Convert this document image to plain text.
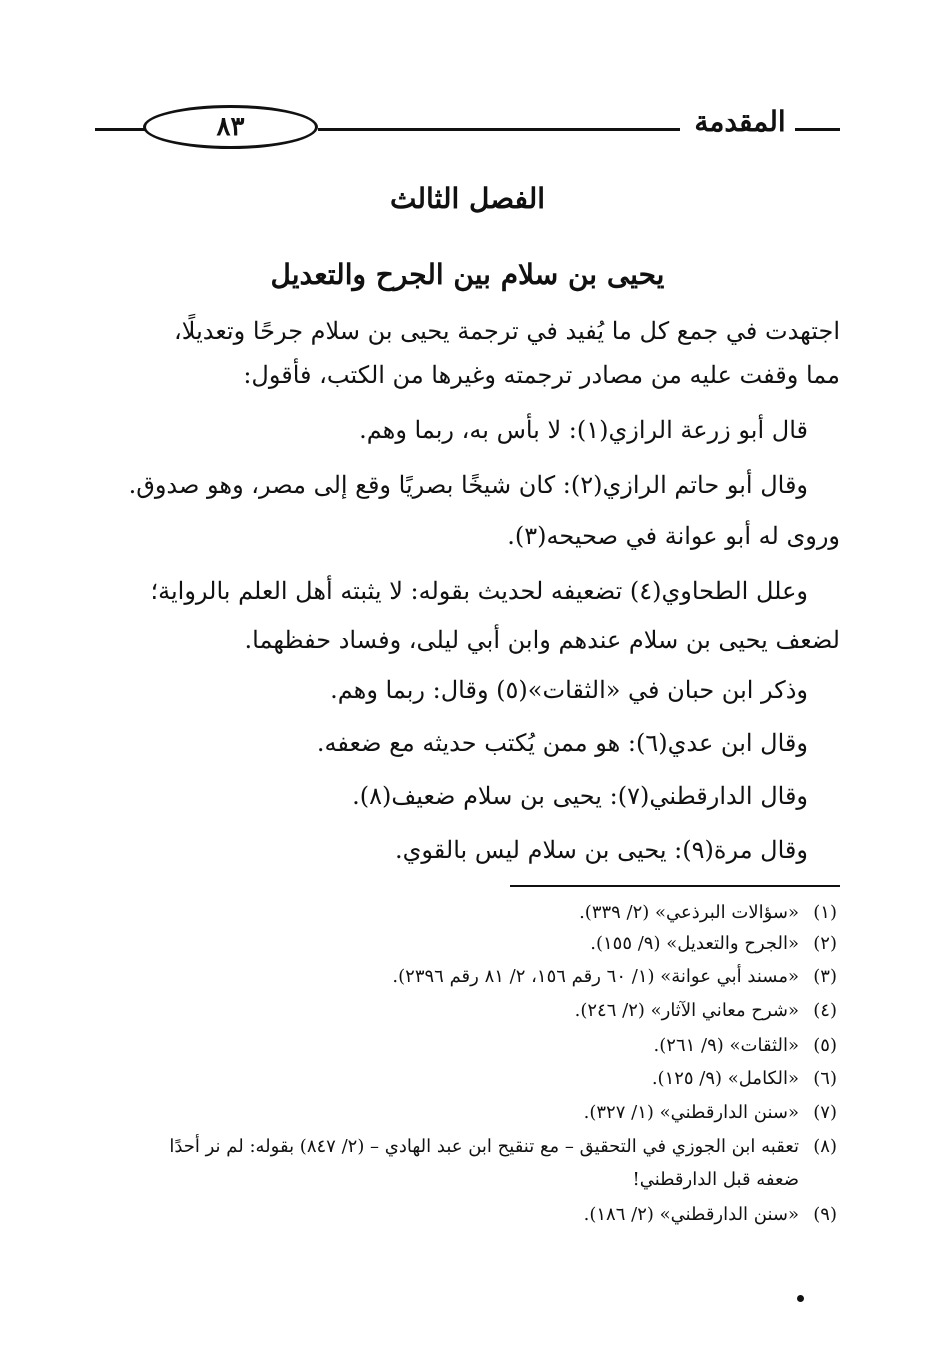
٨٣	المقدمة
الفصل الثالث
يحيى بن سلام بين الجرح والتعديل
اجتهدت في جمع كل ما يُفيد في ترجمة يحيى بن سلام جرحًا وتعديلًا،
مما وقفت عليه من مصادر ترجمته وغيرها من الكتب، فأقول:
قال أبو زرعة الرازي(١): لا بأس به، ربما وهم.
وقال أبو حاتم الرازي(٢): كان شيخًا بصريًا وقع إلى مصر، وهو صدوق.
وروى له أبو عوانة في صحيحه(٣).
وعلل الطحاوي(٤) تضعيفه لحديث بقوله: لا يثبته أهل العلم بالرواية؛
لضعف يحيى بن سلام عندهم وابن أبي ليلى، وفساد حفظهما.
وذكر ابن حبان في «الثقات»(٥) وقال: ربما وهم.
وقال ابن عدي(٦): هو ممن يُكتب حديثه مع ضعفه.
وقال الدارقطني(٧): يحيى بن سلام ضعيف(٨).
وقال مرة(٩): يحيى بن سلام ليس بالقوي.
(١)«سؤالات البرذعي» (٢/ ٣٣٩).
(٢)«الجرح والتعديل» (٩/ ١٥٥).
(٣)«مسند أبي عوانة» (١/ ٦٠ رقم ١٥٦، ٢/ ٨١ رقم ٢٣٩٦).
(٤)«شرح معاني الآثار» (٢/ ٢٤٦).
(٥)«الثقات» (٩/ ٢٦١).
(٦)«الكامل» (٩/ ١٢٥).
(٧)«سنن الدارقطني» (١/ ٣٢٧).
(٨)تعقبه ابن الجوزي في التحقيق – مع تنقيح ابن عبد الهادي – (٢/ ٨٤٧) بقوله: لم نر أحدًا
ضعفه قبل الدارقطني!
(٩)«سنن الدارقطني» (٢/ ١٨٦).
